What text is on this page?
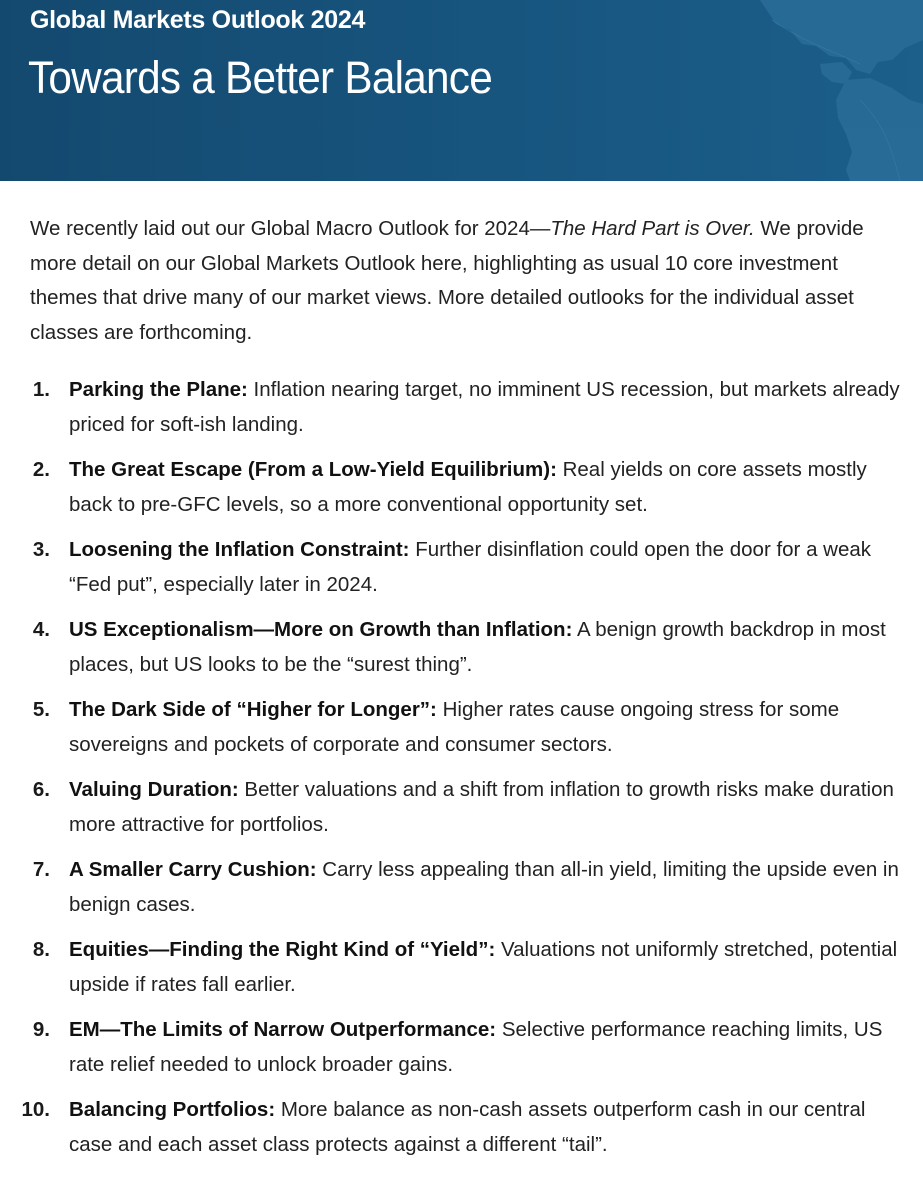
Global Markets Outlook 2024
Towards a Better Balance

We recently laid out our Global Macro Outlook for 2024—The Hard Part is Over. We provide more detail on our Global Markets Outlook here, highlighting as usual 10 core investment themes that drive many of our market views. More detailed outlooks for the individual asset classes are forthcoming.

1. Parking the Plane: Inflation nearing target, no imminent US recession, but markets already priced for soft-ish landing.
2. The Great Escape (From a Low-Yield Equilibrium): Real yields on core assets mostly back to pre-GFC levels, so a more conventional opportunity set.
3. Loosening the Inflation Constraint: Further disinflation could open the door for a weak “Fed put”, especially later in 2024.
4. US Exceptionalism—More on Growth than Inflation: A benign growth backdrop in most places, but US looks to be the “surest thing”.
5. The Dark Side of “Higher for Longer”: Higher rates cause ongoing stress for some sovereigns and pockets of corporate and consumer sectors.
6. Valuing Duration: Better valuations and a shift from inflation to growth risks make duration more attractive for portfolios.
7. A Smaller Carry Cushion: Carry less appealing than all-in yield, limiting the upside even in benign cases.
8. Equities—Finding the Right Kind of “Yield”: Valuations not uniformly stretched, potential upside if rates fall earlier.
9. EM—The Limits of Narrow Outperformance: Selective performance reaching limits, US rate relief needed to unlock broader gains.
10. Balancing Portfolios: More balance as non-cash assets outperform cash in our central case and each asset class protects against a different “tail”.
